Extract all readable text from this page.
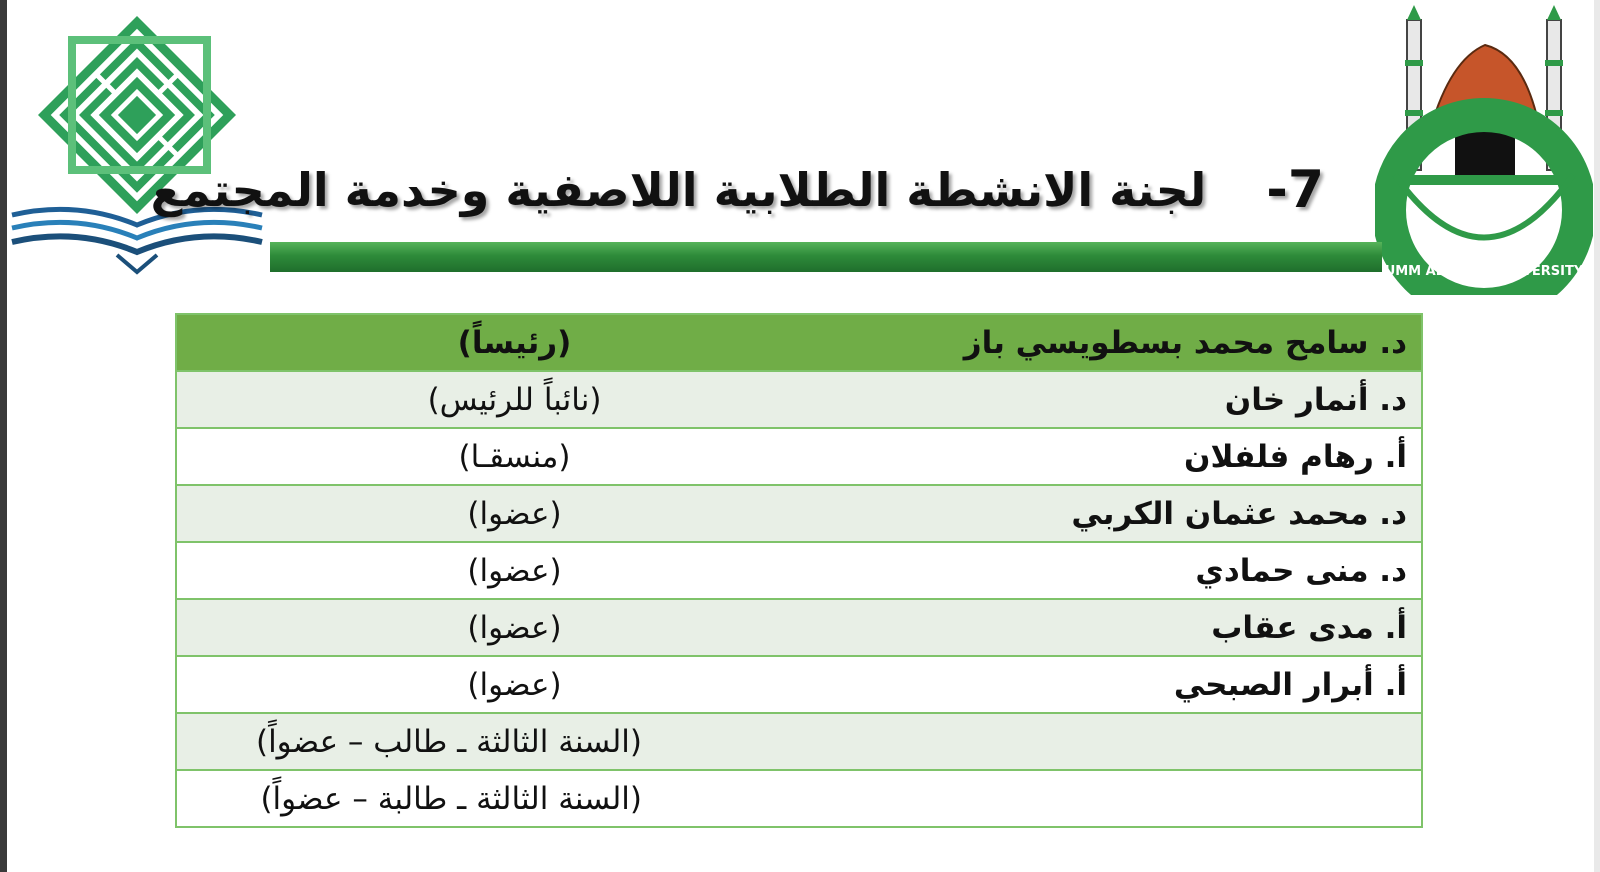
-7
لجنة الانشطة الطلابية اللاصفية وخدمة المجتمع
UMM AL-QURA UNIVERSITY
د. سامح محمد بسطويسي باز	(رئيساً)
د. أنمار خان	(نائباً للرئيس)
أ. رهام فلفلان	(منسقـا)
د. محمد عثمان الكربي	(عضوا)
د. منى حمادي	(عضوا)
أ. مدى عقاب	(عضوا)
أ. أبرار الصبحي	(عضوا)
	(السنة الثالثة ـ طالب – عضواً)
	(السنة الثالثة ـ طالبة – عضواً)
